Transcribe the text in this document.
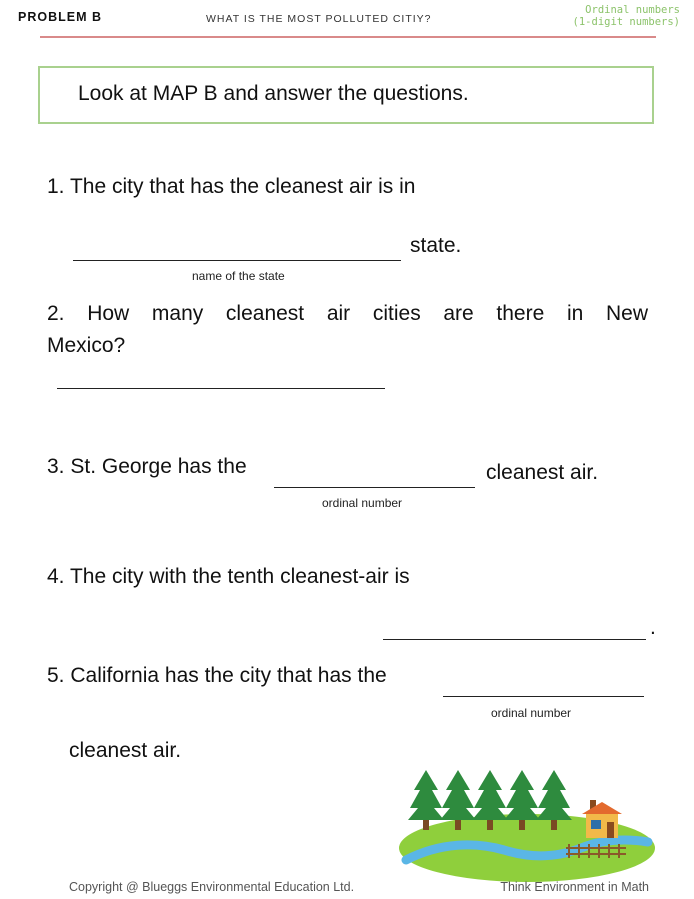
PROBLEM B	WHAT IS THE MOST POLLUTED CITIY?
Ordinal numbers
(1-digit numbers)
Look at MAP B and answer the questions.
1. The city that has the cleanest air is in
state.
name of the state
2. How many cleanest air cities are there in New
Mexico?
3. St. George has the	cleanest air.
ordinal number
4. The city with the tenth cleanest-air is
.
5. California has the city that has the
ordinal number
cleanest air.
Copyright @ Blueggs Environmental Education Ltd.	Think Environment in Math
